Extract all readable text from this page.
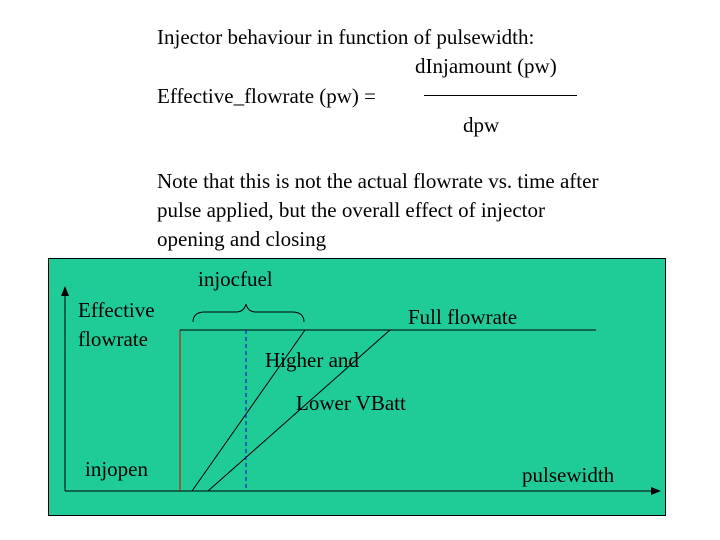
Injector behaviour in function of pulsewidth:
dInjamount (pw)
Effective_flowrate (pw) =
dpw
Note that this is not the actual flowrate vs. time after
pulse applied, but the overall effect of injector
opening and closing
injocfuel
Effective
flowrate
Full flowrate
Higher and
Lower VBatt
injopen	pulsewidth
